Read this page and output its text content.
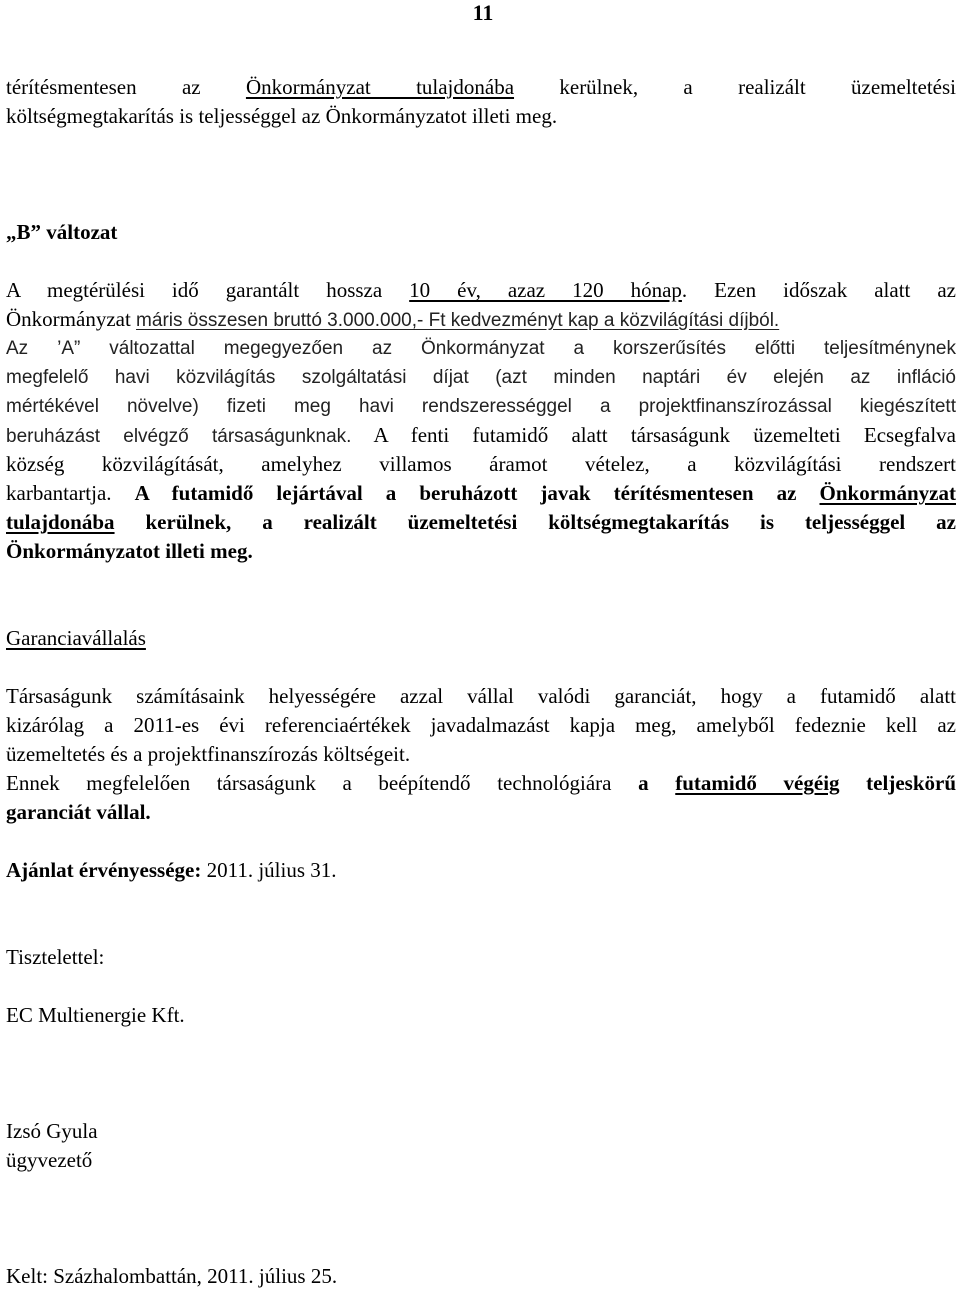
11

térítésmentesen az Önkormányzat tulajdonába kerülnek, a realizált üzemeltetési

költségmegtakarítás is teljességgel az Önkormányzatot illeti meg.

„B” változat

A megtérülési idő garantált hossza 10 év, azaz 120 hónap. Ezen időszak alatt az

Önkormányzat máris összesen bruttó 3.000.000,- Ft kedvezményt kap a közvilágítási díjból.

Az ’A” változattal megegyezően az Önkormányzat a korszerűsítés előtti teljesítménynek

megfelelő havi közvilágítás szolgáltatási díjat (azt minden naptári év elején az infláció

mértékével növelve) fizeti meg havi rendszerességgel a projektfinanszírozással kiegészített

beruházást elvégző társaságunknak. A fenti futamidő alatt társaságunk üzemelteti Ecsegfalva

község közvilágítását, amelyhez villamos áramot vételez, a közvilágítási rendszert

karbantartja. A futamidő lejártával a beruházott javak térítésmentesen az Önkormányzat

tulajdonába kerülnek, a realizált üzemeltetési költségmegtakarítás is teljességgel az

Önkormányzatot illeti meg.

Garanciavállalás

Társaságunk számításaink helyességére azzal vállal valódi garanciát, hogy a futamidő alatt

kizárólag a 2011-es évi referenciaértékek javadalmazást kapja meg, amelyből fedeznie kell az

üzemeltetés és a projektfinanszírozás költségeit.

Ennek megfelelően társaságunk a beépítendő technológiára a futamidő végéig teljeskörű

garanciát vállal.

Ajánlat érvényessége: 2011. július 31.

Tisztelettel:

EC Multienergie Kft.

Izsó Gyula

ügyvezető

Kelt: Százhalombattán, 2011. július 25.
